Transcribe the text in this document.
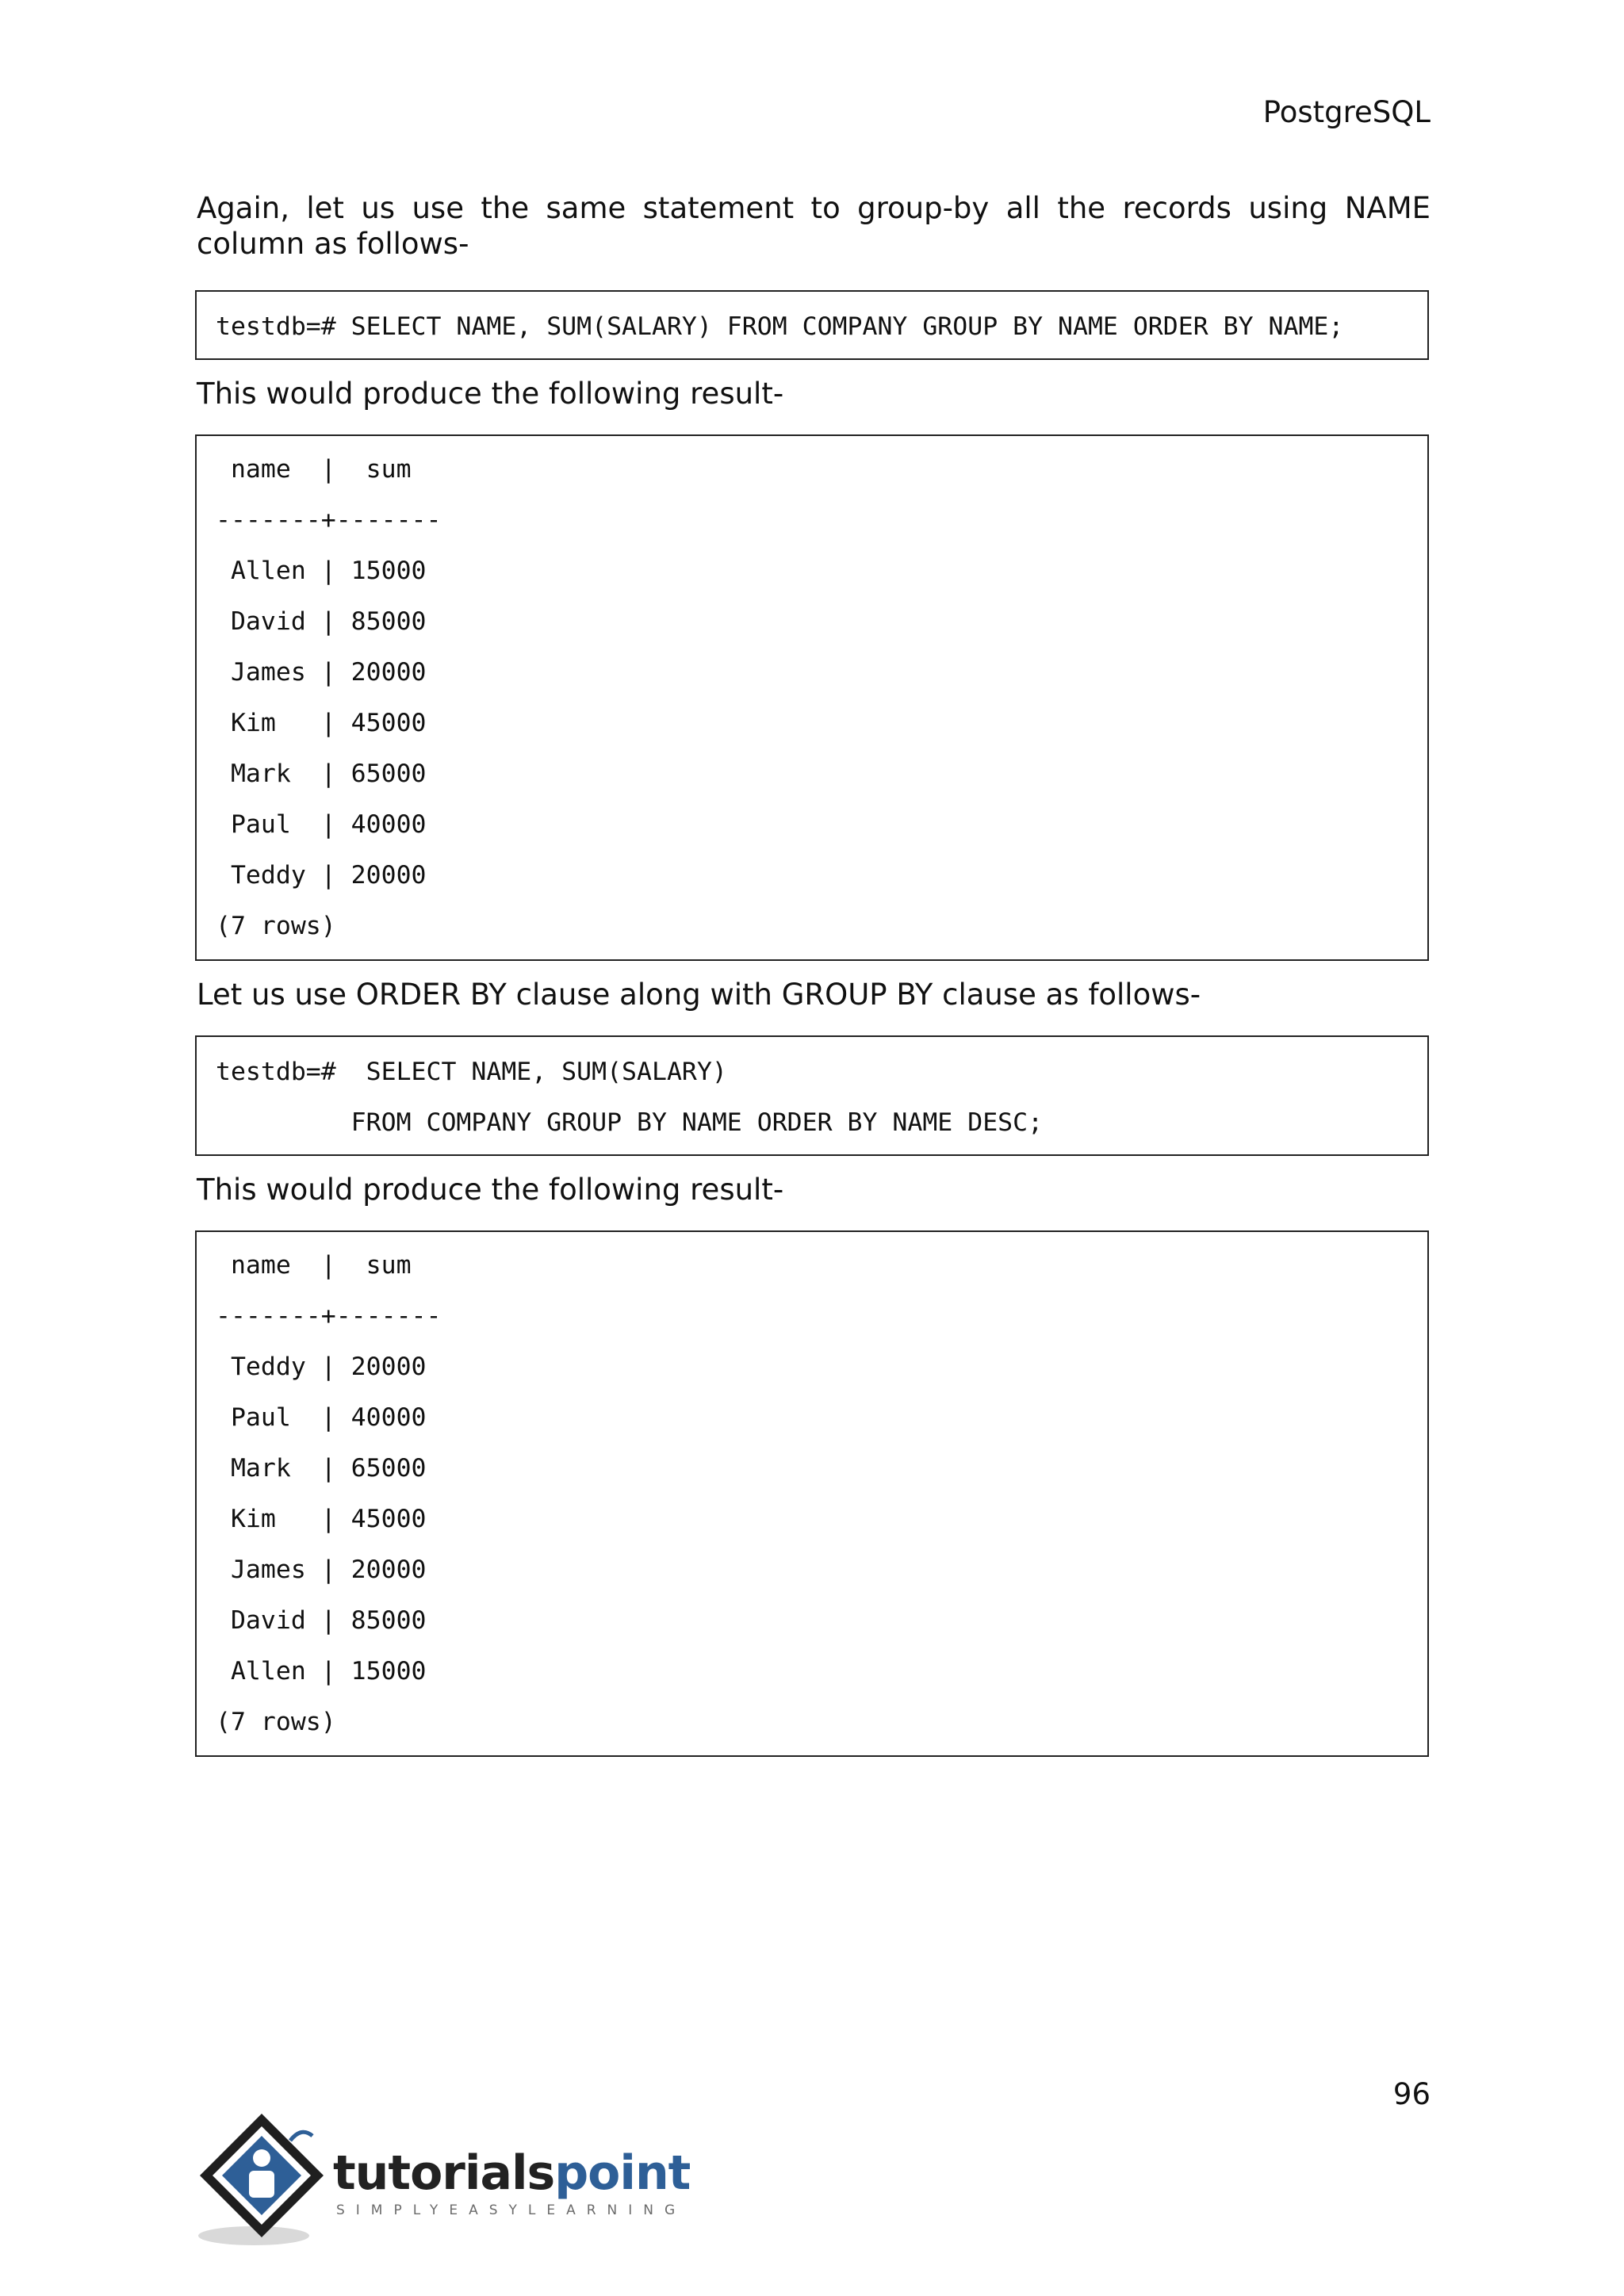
PostgreSQL

Again, let us use the same statement to group-by all the records using NAME column as follows-

testdb=# SELECT NAME, SUM(SALARY) FROM COMPANY GROUP BY NAME ORDER BY NAME;

This would produce the following result-

name  |  sum
-------+-------
Allen | 15000
David | 85000
James | 20000
Kim   | 45000
Mark  | 65000
Paul  | 40000
Teddy | 20000
(7 rows)

Let us use ORDER BY clause along with GROUP BY clause as follows-

testdb=#  SELECT NAME, SUM(SALARY)
FROM COMPANY GROUP BY NAME ORDER BY NAME DESC;

This would produce the following result-

name  |  sum
-------+-------
Teddy | 20000
Paul  | 40000
Mark  | 65000
Kim   | 45000
James | 20000
David | 85000
Allen | 15000
(7 rows)
96
tutorialspoint
SIMPLYEASYLEARNING
